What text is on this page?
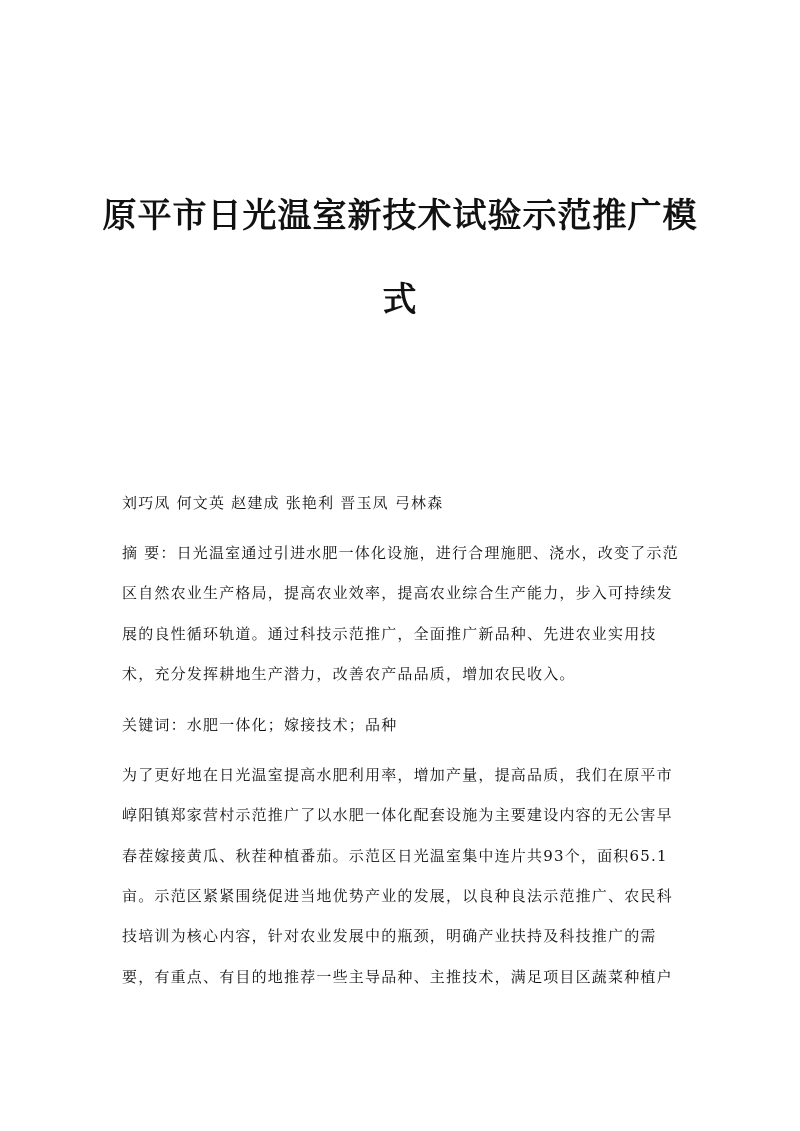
原平市日光温室新技术试验示范推广模
式
刘巧凤 何文英 赵建成 张艳利 晋玉凤 弓林森
摘 要：日光温室通过引进水肥一体化设施，进行合理施肥、浇水，改变了示范
区自然农业生产格局，提高农业效率，提高农业综合生产能力，步入可持续发
展的良性循环轨道。通过科技示范推广，全面推广新品种、先进农业实用技
术，充分发挥耕地生产潜力，改善农产品品质，增加农民收入。
关键词：水肥一体化；嫁接技术；品种
为了更好地在日光温室提高水肥利用率，增加产量，提高品质，我们在原平市
崞阳镇郑家营村示范推广了以水肥一体化配套设施为主要建设内容的无公害早
春茬嫁接黄瓜、秋茬种植番茄。示范区日光温室集中连片共93个，面积65.1
亩。示范区紧紧围绕促进当地优势产业的发展，以良种良法示范推广、农民科
技培训为核心内容，针对农业发展中的瓶颈，明确产业扶持及科技推广的需
要，有重点、有目的地推荐一些主导品种、主推技术，满足项目区蔬菜种植户
